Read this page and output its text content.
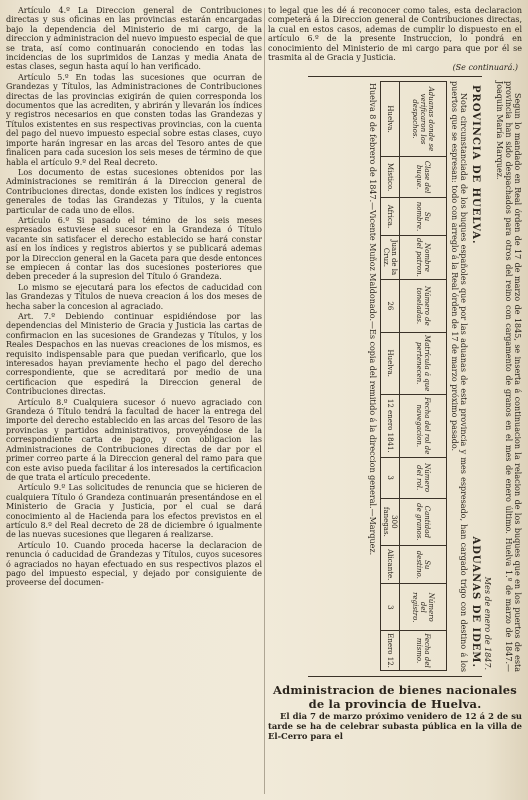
Artículo 4.º La Direccion general de Contribuciones directas y sus oficinas en las provincias estarán encargadas bajo la dependencia del Ministerio de mi cargo, de la direccion y administracion del nuevo impuesto especial de que se trata, así como continuarán conociendo en todas las incidencias de los suprimidos de Lanzas y media Anata de estas clases, segun hasta aquí lo han verificado.

Artículo 5.º En todas las sucesiones que ocurran de Grandezas y Títulos, las Administraciones de Contribuciones directas de las provincias exigirán de quien corresponda los documentos que las acrediten, y abrirán y llevarán los índices y registros necesarios en que consten todas las Grandezas y Títulos existentes en sus respectivas provincias, con la cuenta del pago del nuevo impuesto especial sobre estas clases, cuyo importe harán ingresar en las arcas del Tesoro antes de que finalicen para cada sucesion los seis meses de término de que habla el artículo 9.º del Real decreto.

Los documento de estas sucesiones obtenidos por las Administraciones se remitirán á la Direccion general de Contribuciones directas, donde existen los índices y registros generales de todas las Grandezas y Títulos, y la cuenta particular de cada uno de ellos.

Artículo 6.º Si pasado el témino de los seis meses espresados estuviese el sucesor en la Grandeza ó Título vacante sin satisfacer el derecho establecido se hará constar así en los índices y registros abiertos y se publicará ademas por la Direccion general en la Gaceta para que desde entonces se empiecen á contar las dos sucesiones posteriores que deben preceder á la supresion del Título ó Grandeza.

Lo mismo se ejecutará para los efectos de caducidad con las Grandezas y Títulos de nueva creacion á los dos meses de hecha saber la concesion al agraciado.

Art. 7.º Debiendo continuar espidiéndose por las dependencias del Ministerio de Gracia y Justicia las cartas de confirmacion en las sucesiones de Grandezas y Títulos, y los Reales Despachos en las nuevas creaciones de los mismos, es requisito indispensable para que puedan verificarlo, que los interesados hayan previamente hecho el pago del derecho correspondiente, que se acreditará por medio de una certificacion que espedirá la Direccion general de Contribuciones directas.

Artículo 8.º Cualquiera sucesor ó nuevo agraciado con Grandeza ó Título tendrá la facultad de hacer la entrega del importe del derecho establecido en las arcas del Tesoro de las provincias y partidos administrativos, proveyéndose de la correspondiente carta de pago, y con obligacion las Administraciones de Contribuciones directas de dar por el primer correo parte á la Direccion general del ramo para que con este aviso pueda facilitar á los interesados la certificacion de que trata el artículo precedente.

Artículo 9.º Las solicitudes de renuncia que se hicieren de cualquiera Título ó Grandeza continuarán presentándose en el Ministerio de Gracia y Justicia, por el cual se dará conocimiento al de Hacienda para los efectos previstos en el artículo 8.º del Real decreto de 28 de diciembre ó igualmente de las nuevas sucesiones que llegaren á realizarse.

Artículo 10. Cuando proceda hacerse la declaracion de renuncia ó caducidad de Grandezas y Títulos, cuyos sucesores ó agraciados no hayan efectuado en sus respectivos plazos el pago del impuesto especial, y dejado por consiguiente de proveerse del documen-

to legal que les dé á reconocer como tales, esta declaracion competerá á la Direccion general de Contribuciones directas, la cual en estos casos, ademas de cumplir lo dispuesto en el artículo 6.º de la presente Instruccion, lo pondrá en conocimiento del Ministerio de mi cargo para que por él se trasmita al de Gracia y Justicia.

(Se continuará.)

Segun lo mandado en Real órden de 17 de marzo de 1845, se inserta á continuacion la relacion de los buques que en los puertos de esta provincia han sido despachados para otros del reino con cargamento de granos en el mes de enero último. Huelva 1.º de marzo de 1847.—Joaquin María Marquez.

Mes de enero de 1847.
PROVINCIA DE HUELVA.
ADUANAS DE IDEM.

Nota circunstanciada de los buques españoles que por las aduanas de esta provincia y mes espresado, han cargado trigo con destino á los puertos que se espresan: todo con arreglo á la Real órden de 17 de marzo próximo pasado.

Aduanas donde se verificaron los despachos.	Clase del buque.	Su nombre.	Nombre del patron.	Número de toneladas.	Matrícula á que pertenecen.	Fecha del rol de navegacion.	Número del rol.	Cantidad de granos.	Su destino.	Número del registro.	Fecha del mismo.
Huelva.	Mistico.	Africa.	Juan de la Cruz.	26	Huelva.	12 enero 1841.	3	300 fanegas.	Alicante.	3	Enero 12.
Huelva 8 de febrero de 1847.—Vicente Muñoz Maldonado.—Es copia del remitido á la direccion general.—Marquez.
Administracion de bienes nacionales de la provincia de Huelva.

El dia 7 de marzo próximo venidero de 12 á 2 de su tarde se ha de celebrar subasta pública en la villa de El-Cerro para el
